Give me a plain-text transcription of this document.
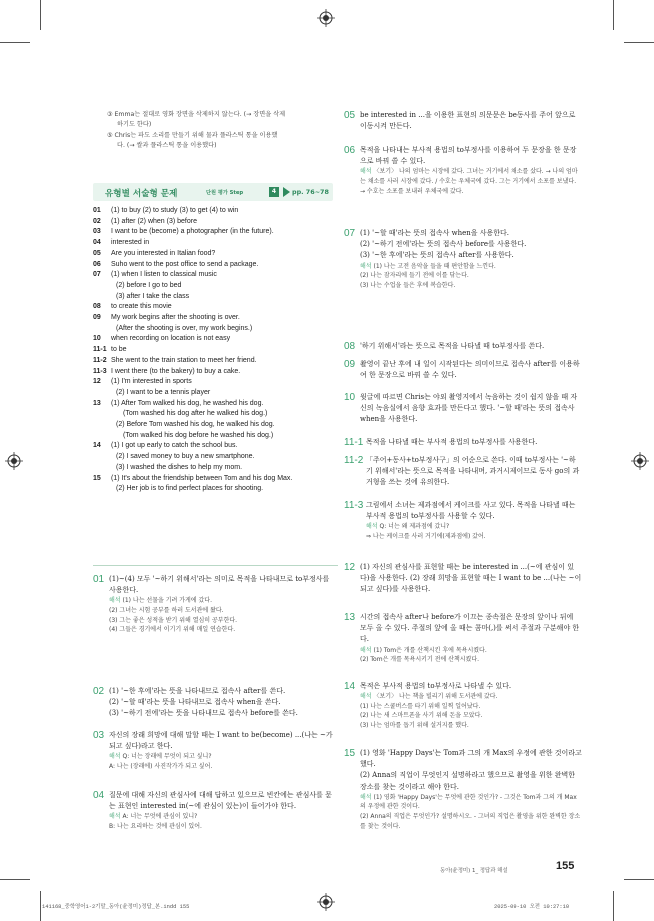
③ Emma는 절대로 영화 장면을 삭제하지 않는다. (→ 장면을 삭제
하기도 한다)
⑤ Chris는 파도 소리를 만들기 위해 물과 플라스틱 통을 이용했
다. (→ 쌀과 플라스틱 통을 이용했다)
유형별 서술형 문제	단원 평가 Step	4	pp. 76~78
01 (1) to buy (2) to study (3) to get (4) to win
02 (1) after (2) when (3) before
03 I want to be (become) a photographer (in the future).
04 interested in
05 Are you interested in Italian food?
06 Suho went to the post office to send a package.
07 (1) when I listen to classical music
(2) before I go to bed
(3) after I take the class
08 to create this movie
09 My work begins after the shooting is over.
(After the shooting is over, my work begins.)
10 when recording on location is not easy
11-1 to be
11-2 She went to the train station to meet her friend.
11-3 I went there (to the bakery) to buy a cake.
12 (1) I'm interested in sports
(2) I want to be a tennis player
13 (1) After Tom walked his dog, he washed his dog.
(Tom washed his dog after he walked his dog.)
(2) Before Tom washed his dog, he walked his dog.
(Tom walked his dog before he washed his dog.)
14 (1) I got up early to catch the school bus.
(2) I saved money to buy a new smartphone.
(3) I washed the dishes to help my mom.
15 (1) It's about the friendship between Tom and his dog Max.
(2) Her job is to find perfect places for shooting.
01 (1)~(4) 모두 '~하기 위해서'라는 의미로 목적을 나타내므로 to부정사를 사용한다.
해석 (1) 나는 선물을 기려 가게에 갔다.
(2) 그녀는 시험 공부를 하러 도서관에 왔다.
(3) 그는 좋은 성적을 받기 위해 열심히 공부한다.
(4) 그들은 경기에서 이기기 위해 매일 연습한다.
02 (1) '~한 후에'라는 뜻을 나타내므로 접속사 after를 쓴다.
(2) '~할 때'라는 뜻을 나타내므로 접속사 when을 쓴다.
(3) '~하기 전에'라는 뜻을 나타내므로 접속사 before를 쓴다.
03 자신의 장래 희망에 대해 말할 때는 I want to be(become) ...(나는 ~가 되고 싶다)라고 한다.
해석 Q: 너는 장래에 무엇이 되고 싶니?
A: 나는 (장래에) 사진작가가 되고 싶어.
04 질문에 대해 자신의 관심사에 대해 답하고 있으므로 빈칸에는 관심사를 묻는 표현인 interested in(~에 관심이 있는)이 들어가야 한다.
해석 A: 너는 무엇에 관심이 있니?
B: 나는 요리하는 것에 관심이 있어.
05 be interested in ...을 이용한 표현의 의문문은 be동사를 주어 앞으로 이동시켜 만든다.
06 목적을 나타내는 부사적 용법의 to부정사를 이용하여 두 문장을 한 문장으로 바꿔 쓸 수 있다.
해석 〈보기〉 나의 엄마는 시장에 갔다. 그녀는 거기에서 채소를 샀다. → 나의 엄마는 채소를 사러 시장에 갔다. / 수호는 우체국에 갔다. 그는 거기에서 소포를 보냈다. → 수호는 소포를 보내러 우체국에 갔다.
07 (1) '~할 때'라는 뜻의 접속사 when을 사용한다.
(2) '~하기 전에'라는 뜻의 접속사 before를 사용한다.
(3) '~한 후에'라는 뜻의 접속사 after를 사용한다.
해석 (1) 나는 고전 음악을 들을 때 편안함을 느낀다.
(2) 나는 잠자리에 들기 전에 이를 닦는다.
(3) 나는 수업을 들은 후에 복습한다.
08 '하기 위해서'라는 뜻으로 목적을 나타낼 때 to부정사를 쓴다.
09 촬영이 끝난 후에 내 일이 시작된다는 의미이므로 접속사 after를 이용하여 한 문장으로 바꿔 쓸 수 있다.
10 윗글에 따르면 Chris는 야외 촬영지에서 녹음하는 것이 쉽지 않을 때 자신의 녹음실에서 음향 효과를 만든다고 했다. '~할 때'라는 뜻의 접속사 when을 사용한다.
11-1 목적을 나타낼 때는 부사적 용법의 to부정사를 사용한다.
11-2 「주어+동사+to부정사구」의 어순으로 쓴다. 이때 to부정사는 '~하기 위해서'라는 뜻으로 목적을 나타내며, 과거시제이므로 동사 go의 과거형을 쓰는 것에 유의한다.
11-3 그림에서 소녀는 제과점에서 케이크를 사고 있다. 목적을 나타낼 때는 부사적 용법의 to부정사를 사용할 수 있다.
해석 Q: 너는 왜 제과점에 갔니?
⇒ 나는 케이크를 사러 거기에(제과점에) 갔어.
12 (1) 자신의 관심사를 표현할 때는 be interested in ...(~에 관심이 있다)을 사용한다. (2) 장래 희망을 표현할 때는 I want to be ...(나는 ~이 되고 싶다)를 사용한다.
13 시간의 접속사 after나 before가 이끄는 종속절은 문장의 앞이나 뒤에 모두 올 수 있다. 주절의 앞에 올 때는 콤마(,)를 써서 주절과 구분해야 한다.
해석 (1) Tom은 개를 산책시킨 후에 목욕시켰다.
(2) Tom은 개를 목욕시키기 전에 산책시켰다.
14 목적은 부사적 용법의 to부정사로 나타낼 수 있다.
해석 〈보기〉 나는 책을 빌리기 위해 도서관에 갔다.
(1) 나는 스쿨버스를 타기 위해 일찍 일어났다.
(2) 나는 새 스마트폰을 사기 위해 돈을 모았다.
(3) 나는 엄마를 돕기 위해 설거지를 했다.
15 (1) 영화 'Happy Days'는 Tom과 그의 개 Max의 우정에 관한 것이라고 했다.
(2) Anna의 직업이 무엇인지 설명하라고 했으므로 촬영을 위한 완벽한 장소를 찾는 것이라고 해야 한다.
해석 (1) 영화 'Happy Days'는 무엇에 관한 것인가? - 그것은 Tom과 그의 개 Max의 우정에 관한 것이다.
(2) Anna의 직업은 무엇인가? 설명하시오. - 그녀의 직업은 촬영을 위한 완벽한 장소를 찾는 것이다.
동아(윤정미) 1_ 정답과 해설	155
141168_중학영어1-2기말_동아(윤정미)정답_본.indd 155	2025-09-10 오전 10:27:10
